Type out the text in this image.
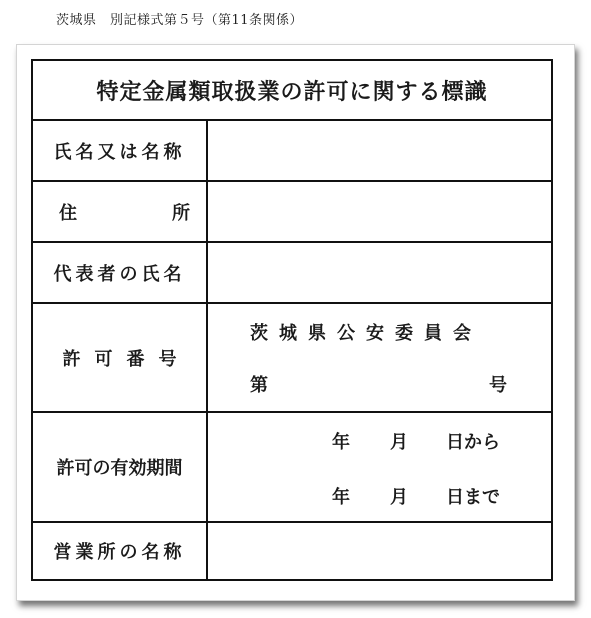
茨城県　別記様式第５号（第11条関係）
特定金属類取扱業の許可に関する標識
氏名又は名称
住	所
代表者の氏名
許可番号
茨城県公安委員会
第	号
許可の有効期間
年 月 日から
年 月 日まで
営業所の名称
